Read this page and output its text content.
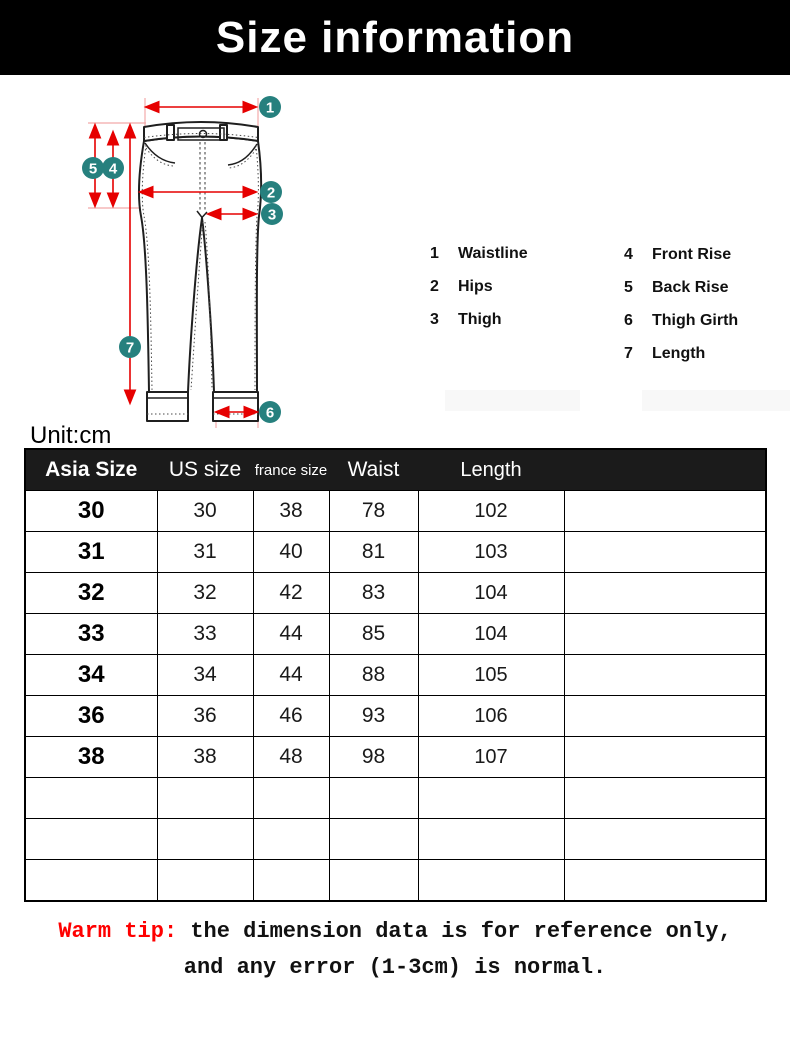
Size information
1
2
3
4
5
6
7
1	Waistline
2	Hips
3	Thigh
4	Front Rise
5	Back Rise
6	Thigh Girth
7	Length
Unit:cm
Asia Size	US size	france size	Waist	Length	
30	30	38	78	102	
31	31	40	81	103	
32	32	42	83	104	
33	33	44	85	104	
34	34	44	88	105	
36	36	46	93	106	
38	38	48	98	107	

Warm tip: the dimension data is for reference only,
and any error (1-3cm) is normal.
